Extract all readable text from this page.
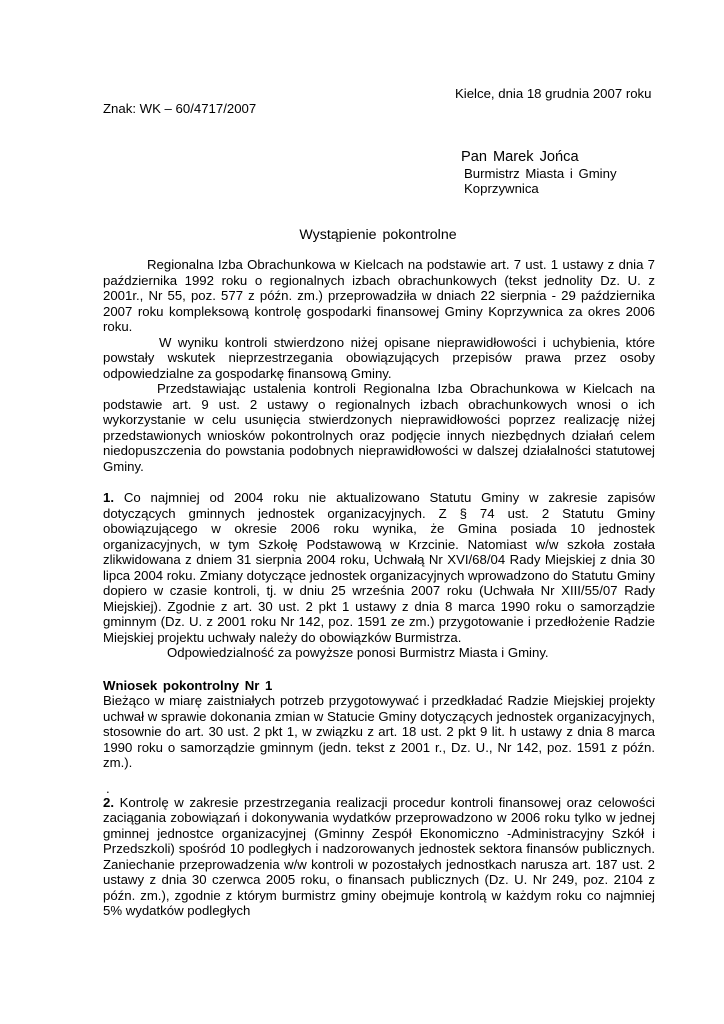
Kielce, dnia 18 grudnia 2007 roku
Znak: WK – 60/4717/2007
Pan Marek Jońca
Burmistrz Miasta i Gminy
Koprzywnica
Wystąpienie pokontrolne

Regionalna Izba Obrachunkowa w Kielcach na podstawie art. 7 ust. 1 ustawy z dnia 7 października 1992 roku o regionalnych izbach obrachunkowych (tekst jednolity Dz. U. z 2001r., Nr 55, poz. 577 z późn. zm.) przeprowadziła w dniach 22 sierpnia - 29 października 2007 roku kompleksową kontrolę gospodarki finansowej Gminy Koprzywnica za okres 2006 roku.

W wyniku kontroli stwierdzono niżej opisane nieprawidłowości i uchybienia, które powstały wskutek nieprzestrzegania obowiązujących przepisów prawa przez osoby odpowiedzialne za gospodarkę finansową Gminy.

Przedstawiając ustalenia kontroli Regionalna Izba Obrachunkowa w Kielcach na podstawie art. 9 ust. 2 ustawy o regionalnych izbach obrachunkowych wnosi o ich wykorzystanie w celu usunięcia stwierdzonych nieprawidłowości poprzez realizację niżej przedstawionych wniosków pokontrolnych oraz podjęcie innych niezbędnych działań celem niedopuszczenia do powstania podobnych nieprawidłowości w dalszej działalności statutowej Gminy.

1. Co najmniej od 2004 roku nie aktualizowano Statutu Gminy w zakresie zapisów dotyczących gminnych jednostek organizacyjnych. Z § 74 ust. 2 Statutu Gminy obowiązującego w okresie 2006 roku wynika, że Gmina posiada 10 jednostek organizacyjnych, w tym Szkołę Podstawową w Krzcinie. Natomiast w/w szkoła została zlikwidowana z dniem 31 sierpnia 2004 roku, Uchwałą Nr XVI/68/04 Rady Miejskiej z dnia 30 lipca 2004 roku. Zmiany dotyczące jednostek organizacyjnych wprowadzono do Statutu Gminy dopiero w czasie kontroli, tj. w dniu 25 września 2007 roku (Uchwała Nr XIII/55/07 Rady Miejskiej). Zgodnie z art. 30 ust. 2 pkt 1 ustawy z dnia 8 marca 1990 roku o samorządzie gminnym (Dz. U. z 2001 roku Nr 142, poz. 1591 ze zm.) przygotowanie i przedłożenie Radzie Miejskiej projektu uchwały należy do obowiązków Burmistrza.

Odpowiedzialność za powyższe ponosi Burmistrz Miasta i Gminy.

Wniosek pokontrolny Nr 1

Bieżąco w miarę zaistniałych potrzeb przygotowywać i przedkładać Radzie Miejskiej projekty uchwał w sprawie dokonania zmian w Statucie Gminy dotyczących jednostek organizacyjnych, stosownie do art. 30 ust. 2 pkt 1, w związku z art. 18 ust. 2 pkt 9 lit. h ustawy z dnia 8 marca 1990 roku o samorządzie gminnym (jedn. tekst z 2001 r., Dz. U., Nr 142, poz. 1591 z późn. zm.).

.

2. Kontrolę w zakresie przestrzegania realizacji procedur kontroli finansowej oraz celowości zaciągania zobowiązań i dokonywania wydatków przeprowadzono w 2006 roku tylko w jednej gminnej jednostce organizacyjnej (Gminny Zespół Ekonomiczno -Administracyjny Szkół i Przedszkoli) spośród 10 podległych i nadzorowanych jednostek sektora finansów publicznych. Zaniechanie przeprowadzenia w/w kontroli w pozostałych jednostkach narusza art. 187 ust. 2 ustawy z dnia 30 czerwca 2005 roku, o finansach publicznych (Dz. U. Nr 249, poz. 2104 z późn. zm.), zgodnie z którym burmistrz gminy obejmuje kontrolą w każdym roku co najmniej 5% wydatków podległych
